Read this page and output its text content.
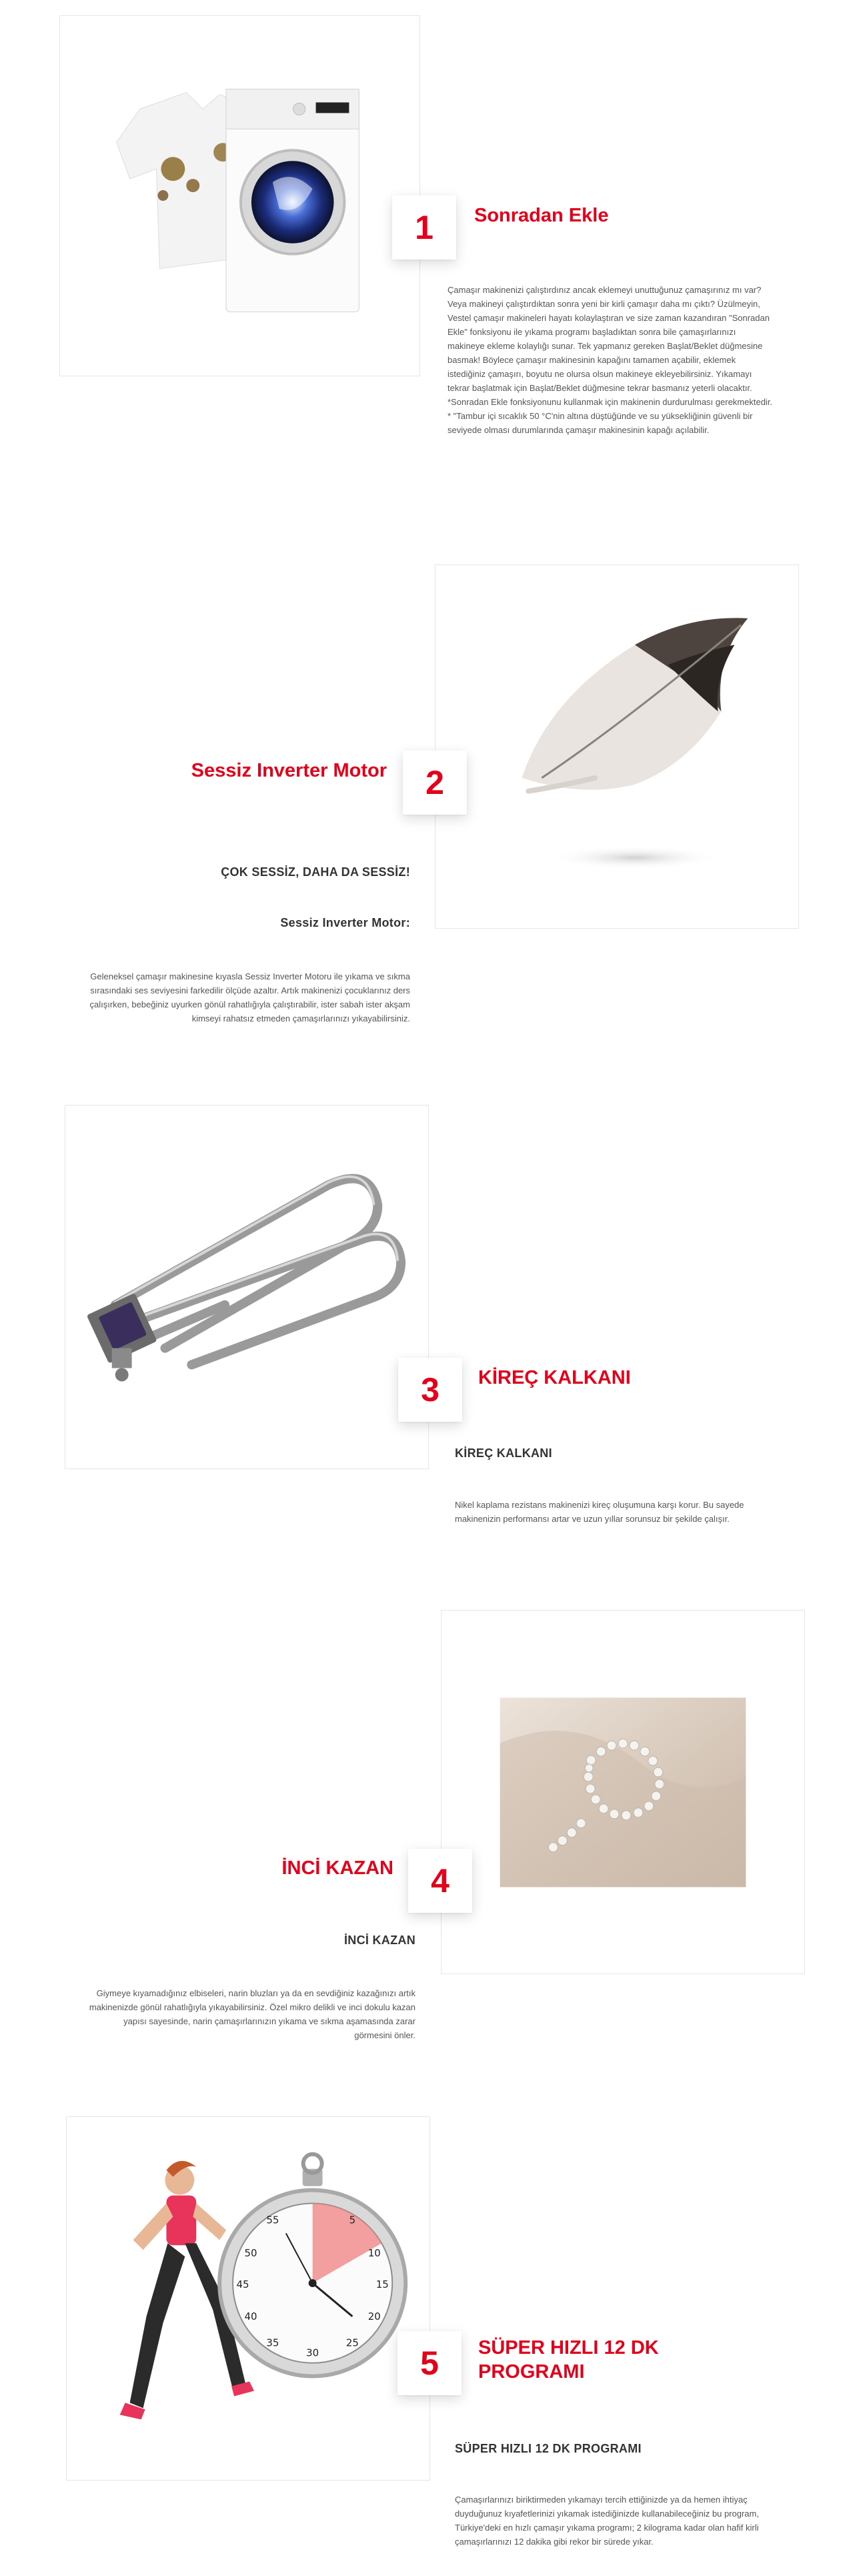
1	Sonradan Ekle

Çamaşır makinenizi çalıştırdınız ancak eklemeyi unuttuğunuz çamaşırınız mı var? Veya makineyi çalıştırdıktan sonra yeni bir kirli çamaşır daha mı çıktı? Üzülmeyin, Vestel çamaşır makineleri hayatı kolaylaştıran ve size zaman kazandıran "Sonradan Ekle" fonksiyonu ile yıkama programı başladıktan sonra bile çamaşırlarınızı makineye ekleme kolaylığı sunar. Tek yapmanız gereken Başlat/Beklet düğmesine basmak! Böylece çamaşır makinesinin kapağını tamamen açabilir, eklemek istediğiniz çamaşırı, boyutu ne olursa olsun makineye ekleyebilirsiniz. Yıkamayı tekrar başlatmak için Başlat/Beklet düğmesine tekrar basmanız yeterli olacaktır.
*Sonradan Ekle fonksiyonunu kullanmak için makinenin durdurulması gerekmektedir.
* "Tambur içi sıcaklık 50 °C'nin altına düştüğünde ve su yüksekliğinin güvenli bir seviyede olması durumlarında çamaşır makinesinin kapağı açılabilir.

2
Sessiz Inverter Motor
ÇOK SESSİZ, DAHA DA SESSİZ!
Sessiz Inverter Motor:

Geleneksel çamaşır makinesine kıyasla Sessiz Inverter Motoru ile yıkama ve sıkma sırasındaki ses seviyesini farkedilir ölçüde azaltır. Artık makinenizi çocuklarınız ders çalışırken, bebeğiniz uyurken gönül rahatlığıyla çalıştırabilir, ister sabah ister akşam kimseyi rahatsız etmeden çamaşırlarınızı yıkayabilirsiniz.

3	KİREÇ KALKANI
KİREÇ KALKANI

Nikel kaplama rezistans makinenizi kireç oluşumuna karşı korur. Bu sayede makinenizin performansı artar ve uzun yıllar sorunsuz bir şekilde çalışır.

4
İNCİ KAZAN
İNCİ KAZAN

Giymeye kıyamadığınız elbiseleri, narin bluzları ya da en sevdiğiniz kazağınızı artık makinenizde gönül rahatlığıyla yıkayabilirsiniz. Özel mikro delikli ve inci dokulu kazan yapısı sayesinde, narin çamaşırlarınızın yıkama ve sıkma aşamasında zarar görmesini önler.

5
10
15
20
25
30
35
40
45
50
55
5	SÜPER HIZLI 12 DK PROGRAMI
SÜPER HIZLI 12 DK PROGRAMI

Çamaşırlarınızı biriktirmeden yıkamayı tercih ettiğinizde ya da hemen ihtiyaç duyduğunuz kıyafetlerinizi yıkamak istediğinizde kullanabileceğiniz bu program, Türkiye'deki en hızlı çamaşır yıkama programı; 2 kilograma kadar olan hafif kirli çamaşırlarınızı 12 dakika gibi rekor bir sürede yıkar.
